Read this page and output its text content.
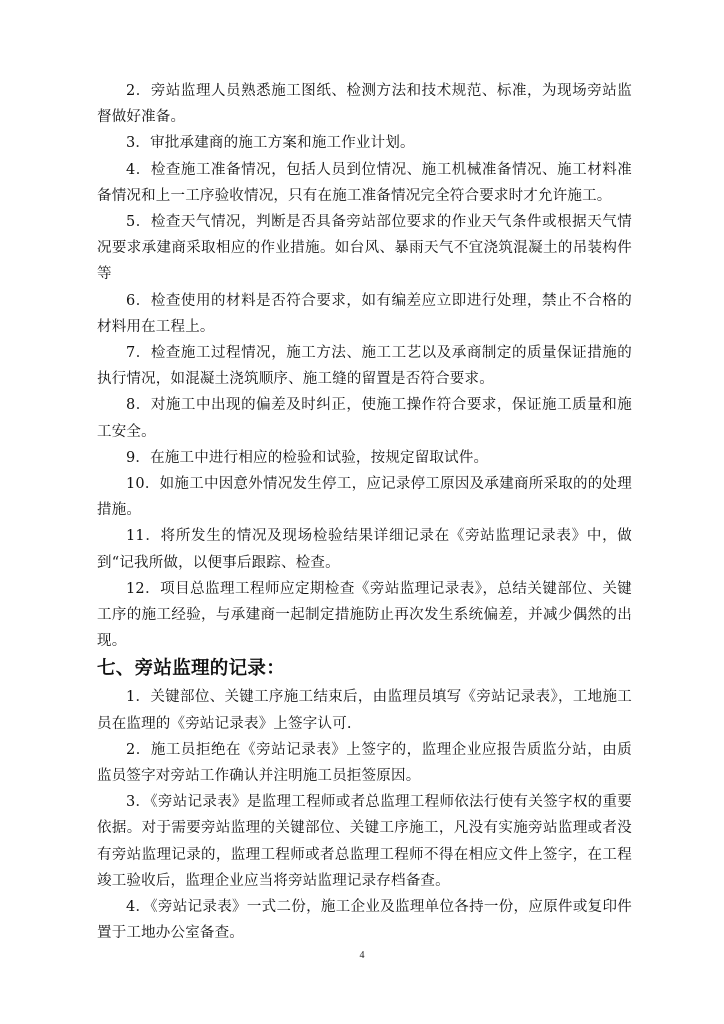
2．旁站监理人员熟悉施工图纸、检测方法和技术规范、标准，为现场旁站监督做好准备。

3．审批承建商的施工方案和施工作业计划。

4．检查施工准备情况，包括人员到位情况、施工机械准备情况、施工材料准备情况和上一工序验收情况，只有在施工准备情况完全符合要求时才允许施工。

5．检查天气情况，判断是否具备旁站部位要求的作业天气条件或根据天气情况要求承建商采取相应的作业措施。如台风、暴雨天气不宜浇筑混凝土的吊装构件等

6．检查使用的材料是否符合要求，如有编差应立即进行处理，禁止不合格的材料用在工程上。

7．检查施工过程情况，施工方法、施工工艺以及承商制定的质量保证措施的执行情况，如混凝土浇筑顺序、施工缝的留置是否符合要求。

8．对施工中出现的偏差及时纠正，使施工操作符合要求，保证施工质量和施工安全。

9．在施工中进行相应的检验和试验，按规定留取试件。

10．如施工中因意外情况发生停工，应记录停工原因及承建商所采取的的处理措施。

11．将所发生的情况及现场检验结果详细记录在《旁站监理记录表》中，做到“记我所做，以便事后跟踪、检查。

12．项目总监理工程师应定期检查《旁站监理记录表》，总结关键部位、关键工序的施工经验，与承建商一起制定措施防止再次发生系统偏差，并减少偶然的出现。

七、旁站监理的记录：

1．关键部位、关键工序施工结束后，由监理员填写《旁站记录表》，工地施工员在监理的《旁站记录表》上签字认可.

2．施工员拒绝在《旁站记录表》上签字的，监理企业应报告质监分站，由质监员签字对旁站工作确认并注明施工员拒签原因。

3．《旁站记录表》是监理工程师或者总监理工程师依法行使有关签字权的重要依据。对于需要旁站监理的关键部位、关键工序施工，凡没有实施旁站监理或者没有旁站监理记录的，监理工程师或者总监理工程师不得在相应文件上签字，在工程竣工验收后，监理企业应当将旁站监理记录存档备查。

4．《旁站记录表》一式二份，施工企业及监理单位各持一份，应原件或复印件置于工地办公室备查。

4
